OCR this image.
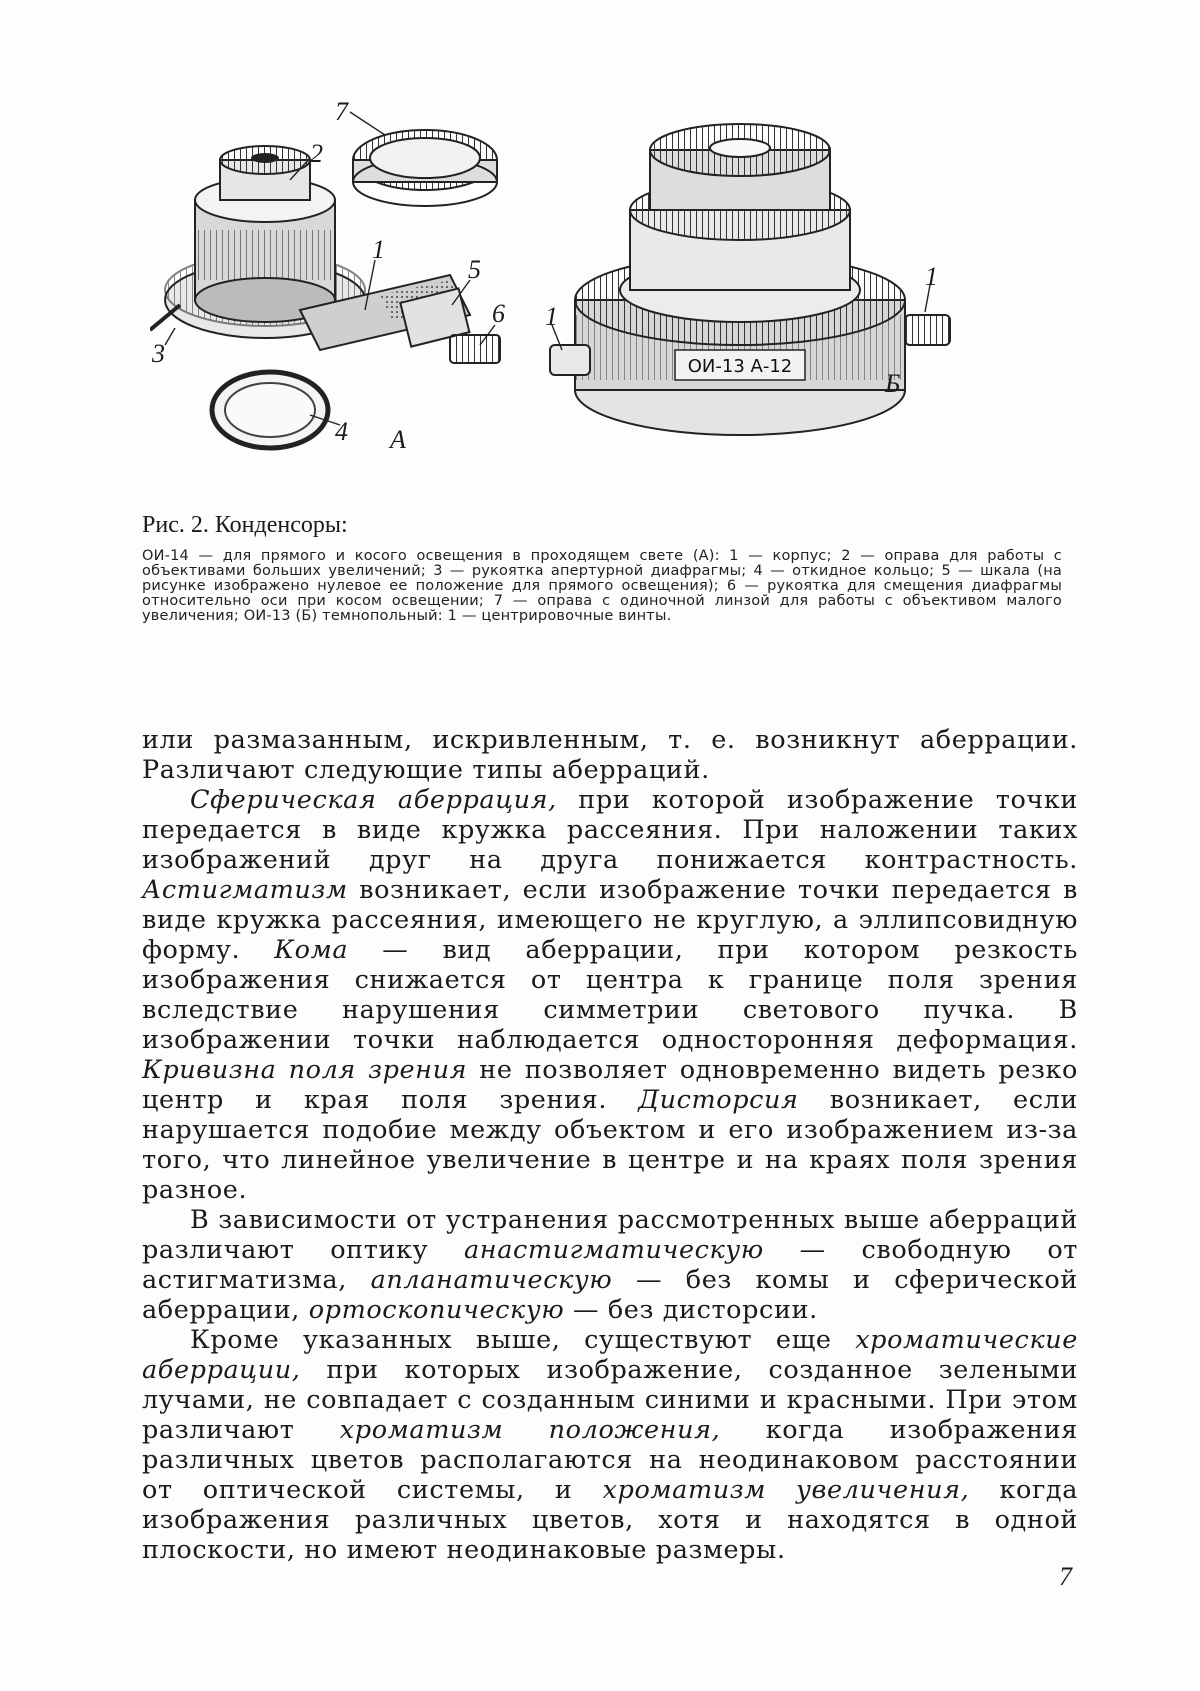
7
2
1
5
6
3
4 А
ОИ-13 А-12
1
1
Б

Рис. 2. Конденсоры:

ОИ-14 — для прямого и косого освещения в проходящем свете (А): 1 — корпус; 2 — оправа для работы с объективами больших увеличений; 3 — рукоятка апертурной диафрагмы; 4 — откидное кольцо; 5 — шкала (на рисунке изображено нулевое ее положение для прямого освещения); 6 — рукоятка для смещения диафрагмы относительно оси при косом освещении; 7 — оправа с одиночной линзой для работы с объективом малого увеличения; ОИ-13 (Б) темнопольный: 1 — центрировочные винты.

или размазанным, искривленным, т. е. возникнут аберрации. Различают следующие типы аберраций.

Сферическая аберрация, при которой изображение точки передается в виде кружка рассеяния. При наложении таких изображений друг на друга понижается контрастность. Астигматизм возникает, если изображение точки передается в виде кружка рассеяния, имеющего не круглую, а эллипсовидную форму. Кома — вид аберрации, при котором резкость изображения снижается от центра к границе поля зрения вследствие нарушения симметрии светового пучка. В изображении точки наблюдается односторонняя деформация. Кривизна поля зрения не позволяет одновременно видеть резко центр и края поля зрения. Дисторсия возникает, если нарушается подобие между объектом и его изображением из-за того, что линейное увеличение в центре и на краях поля зрения разное.

В зависимости от устранения рассмотренных выше аберраций различают оптику анастигматическую — свободную от астигматизма, апланатическую — без комы и сферической аберрации, ортоскопическую — без дисторсии.

Кроме указанных выше, существуют еще хроматические аберрации, при которых изображение, созданное зелеными лучами, не совпадает с созданным синими и красными. При этом различают хроматизм положения, когда изображения различных цветов располагаются на неодинаковом расстоянии от оптической системы, и хроматизм увеличения, когда изображения различных цветов, хотя и находятся в одной плоскости, но имеют неодинаковые размеры.

7
